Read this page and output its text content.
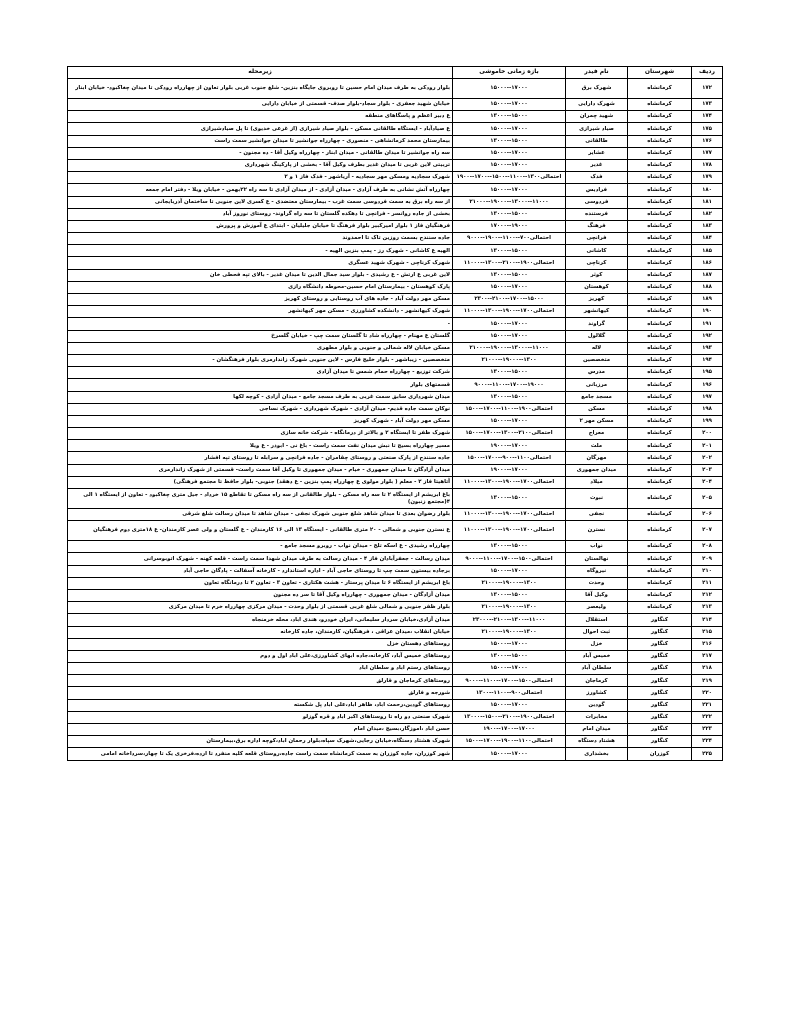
ردیف	شهرستان	نام فیدر	بازه زمانی خاموشی	زیرمحله
۱۷۲	کرمانشاه	شهرک برق	۱۵۰۰۰--۱۷۰۰۰	بلوار رودکی به طرف میدان امام حسین تا روبروی جایگاه بنزین- شلغ جنوب غربی بلوار تعاون از چهارراه رودکی تا میدان چغاکبود- خیابان ابنار
۱۷۳	کرمانشاه	شهرک دارایی	۱۵۰۰۰--۱۷۰۰۰	خیابان شهید جعفری - بلوار سجاد-بلوار صدف- قسمتی از خیابان دارایی
۱۷۴	کرمانشاه	شهید چمران	۱۳۰۰۰--۱۵۰۰۰	ع دبیر اعظم و پاسگاهای منطقه
۱۷۵	کرمانشاه	صیاد شیرازی	۱۵۰۰۰--۱۷۰۰۰	ع صیادآباد - ایستگاه طالقانی مسکن - بلوار صیاد شیرازی (از غرعی خدیوی) تا پل صیادشیرازی
۱۷۶	کرمانشاه	طالقانی	۱۳۰۰۰--۱۵۰۰۰	بیمارستان محمد کرمانشاهی - منصوری - چهارراه جوانشیر تا میدان جوانشیر سمت راست
۱۷۷	کرمانشاه	عشایر	۱۵۰۰۰--۱۷۰۰۰	سه راه جوانشیر تا میدان طالقانی - میدان ابنار - چهارراه وکیل آقا - ده مجنون -
۱۷۸	کرمانشاه	غدیر	۱۵۰۰۰--۱۷۰۰۰	تربیتی لاین غربی تا میدان غدیر بطرف وکیل آقا - بخشی از پارکینگ شهرداری
۱۷۹	کرمانشاه	فدک	احتمالی۱۳۰۰--۱۱۰۰--۱۵۰۰--۱۷۰۰--۱۹۰۰	شهرک سجادیه ومسکن مهر سجادیه - آریاشهر - فدک فاز ۱ و ۲
۱۸۰	کرمانشاه	فرادیس	۱۵۰۰۰--۱۷۰۰۰	چهارراه آتش نشانی به طرف آزادی - میدان آزادی - از میدان آزادی تا سه راه ۲۲بهمن - خیابان ویلا - دفتر امام جمعه
۱۸۱	کرمانشاه	فردوسی	۲۱۰۰۰--۱۹۰۰۰--۱۳۰۰۰--۱۱۰۰۰	از سه راه برق به سمت فردوسی سمت غرب - بیمارستان معتضدی - ع کسری لاین جنوبی تا ساختمان آذربایجانی
۱۸۲	کرمانشاه	فرستنده	۱۳۰۰۰--۱۵۰۰۰	بخشی از جاده روانسر - فرانچی تا دهکده گلستان تا سه راه گراوند- روستای نوروز آباد
۱۸۳	کرمانشاه	فرهنگ	۱۷۰۰۰--۱۹۰۰۰	فرهنگیان فاز ۱ بلوار امیرکبیر بلوار فرهنگ تا خیابان جلیلیان - ابتدای ع آموزش و پرورش
۱۸۴	کرمانشاه	فرانچی	احتمالی۷۰۰--۱۱۰۰--۱۹۰۰--۹۰۰۰	جاده سنندج بسمت روزین تاک تا احمدوند
۱۸۵	کرمانشاه	کاشانی	۱۳۰۰۰--۱۵۰۰۰	الهیه ع کاشانی - شهرک رز - پمپ بنزین الهیه -
۱۸۶	کرمانشاه	کرناچی	احتمالی۱۹۰۰--۲۱۰۰--۱۳۰۰--۱۱۰۰۰	شهرک کرناچی - شهرک شهید عسگری
۱۸۷	کرمانشاه	کوثر	۱۳۰۰۰--۱۵۰۰۰	لاین غربی ع ارتش - ع رشیدی - بلوار سید جمال الدین تا میدان غدیر - بالای تپه فحطی خان
۱۸۸	کرمانشاه	کوهستان	۱۵۰۰۰--۱۷۰۰۰	پارک کوهستان - بیمارستان امام حسین-محوطه دانشگاه رازی
۱۸۹	کرمانشاه	کهریز	۲۳۰۰--۲۱۰۰--۱۷۰۰--۱۵۰۰۰	مسکن مهر دولت آباد - جاده های آب روستایی و روستای کهریز
۱۹۰	کرمانشاه	کیهانشهر	احتمالی۱۷۰۰--۱۹۰۰--۱۳۰۰--۱۱۰۰۰	شهرک کیهانشهر - دانشکده کشاورزی - مسکن مهر کیهانشهر
۱۹۱	کرمانشاه	گراوند	۱۵۰۰۰--۱۷۰۰۰	-
۱۹۲	کرمانشاه	گلالول	۱۵۰۰۰--۱۷۰۰۰	گلستان ع مهنام - چهارراه شاد تا گلستان سمت چپ - خیابان گلسرخ
۱۹۳	کرمانشاه	لاله	۲۱۰۰۰--۱۹۰۰۰--۱۳۰۰۰--۱۱۰۰۰	مسکن خیابان لاله شمالی و جنوبی و بلوار مطهری
۱۹۴	کرمانشاه	متخصصین	۲۱۰۰۰--۱۹۰۰۰--۱۳۰۰	متخصصین - زیباشهر - بلوار خلیج فارس - لاین جنوبی شهرک زاندارمری بلوار فرهنگشان -
۱۹۵	کرمانشاه	مدرس	۱۳۰۰۰--۱۵۰۰۰	شرکت توزیع - چهارراه حمام شمس تا میدان آزادی
۱۹۶	کرمانشاه	مرزبانی	۹۰۰۰--۱۱۰۰--۱۷۰۰--۱۹۰۰۰	قسمتهای بلوار
۱۹۷	کرمانشاه	مسجد جامع	۱۳۰۰۰--۱۵۰۰۰	میدان شهرداری سابق سمت غربی به طرف مسجد جامع - میدان آزادی - کوچه لکها
۱۹۸	کرمانشاه	مسکن	احتمالی۱۹۰۰--۱۱۰۰--۱۷۰۰--۱۵۰۰	نوکان سمت جاده قدیم- میدان آزادی - شهرک شهرداری - شهرک نساجی
۱۹۹	کرمانشاه	مسکن مهر ۲	۱۵۰۰۰--۱۷۰۰۰	مسکن مهر دولت آباد - شهرک کهریز
۲۰۰	کرمانشاه	معراج	احتمالی۲۱۰۰--۱۳۰۰--۱۷۰۰--۱۵۰۰	شهرک ظفر تا ایستگاه ۲ و بالاتر از درمانگاه - شرکت خانه سازی
۲۰۱	کرمانشاه	ملت	۱۹۰۰۰--۱۷۰۰۰	مسیر چهارراه بسیج تا نبش میدان نفت سمت راست - باغ نی - ابوذر - ع ویلا
۲۰۲	کرمانشاه	مهرگان	احتمالی۱۱۰۰--۹۰۰--۱۷۰۰--۱۵۰۰	جاده سنندج از پارک صنعتی و روستای چقامران - جاده فرانچی و سرابله تا روستای تپه افشار
۲۰۳	کرمانشاه	میدان جمهوری	۱۹۰۰۰--۱۷۰۰۰	میدان آزادگان تا میدان جمهوری - خیام - میدان جمهوری تا وکیل آقا سمت راست- قسمتی از شهرک زاندارمری
۲۰۴	کرمانشاه	میلاد	احتمالی۱۷۰۰--۱۹۰۰--۱۳۰۰--۱۱۰۰۰	آتاهیتا فاز ۲ - معلم ( بلوار مولوی ع چهارراه پمپ بنزین - ع دهقد) جنوبی- بلوار حافظ تا مجتمع فرهنگی)
۲۰۵	کرمانشاه	نبوت	۱۳۰۰۰--۱۵۰۰۰	باغ ابریشم از ایستگاه ۲ تا سه راه مسکن - بلوار طالقانی از سه راه مسکن تا تقاطع ۱۵ خرداد - جیل متری چغاکبود - تعاون از ایستگاه ۱ الی ۴(مجتمع زنبون)
۲۰۶	کرمانشاه	نجفی	احتمالی۱۷۰۰--۱۹۰۰--۱۳۰۰--۱۱۰۰۰	بلوار رضوان بعدی تا میدان شاهد شلغ جنوبی شهرک نجفی - میدان شاهد تا میدان رسالت شلغ شرقی
۲۰۷	کرمانشاه	نسترن	احتمالی۱۷۰۰--۱۹۰۰--۱۳۰۰--۱۱۰۰۰	ع نسترن جنوبی و شمالی - ۲۰ متری طالقانی - ایستگاه ۱۳ الی ۱۶ کارمندان - ع گلستان و ولی عصر کارمندان- ع ۱۸متری دوم فرهنگیان
۲۰۸	کرمانشاه	نواب	۱۳۰۰۰--۱۵۰۰۰	چهارراه رشیدی - ع اسکه تلخ - میدان نواب - روبرو مسجد جامع -
۲۰۹	کرمانشاه	نهالستان	احتمالی۱۵۰۰--۱۷۰۰--۱۱۰۰--۹۰۰۰	میدان رسالت - جعفرآبادان فاز ۴ - میدان رسالت به طرف میدان شهدا سمت راست - قلعه کهنه - شهرک اتوبوسرانی
۲۱۰	کرمانشاه	نیروگاه	۱۵۰۰۰--۱۷۰۰۰	برجاده بیستون سمت چپ تا روستای حاجی آباد - اداره استاندارد - کارخانه آسفالت - پادگان حاجی آباد
۲۱۱	کرمانشاه	وحدت	۲۱۰۰۰--۱۹۰۰۰--۱۳۰۰	باغ ابریشم از ایستگاه ۶ تا میدان پرستار - هشت هکتاری - تعاون ۳ - تعاون ۲ تا درمانگاه تعاون
۲۱۲	کرمانشاه	وکیل آقا	۱۳۰۰۰--۱۵۰۰۰	میدان آزادگان - میدان جمهوری - چهارراه وکیل آقا تا سر ده مجنون
۲۱۳	کرمانشاه	ولیعصر	۲۱۰۰۰--۱۹۰۰۰--۱۳۰۰	بلوار ظفر جنوبی و شمالی شلغ غربی قسمتی از بلوار وحدت - میدان مرکزی چهارراه خرم تا میدان مرکزی
۲۱۴	کنگاور	استقلال	۲۳۰۰۰--۲۱۰۰--۱۳۰۰--۱۱۰۰۰	میدان آزادی،خیابان سردار سلیمانی، ایران خودرو، هندی اباد، محله خرمنجاه
۲۱۵	کنگاور	ثبت احوال	۲۱۰۰۰--۱۹۰۰۰--۱۳۰۰	خیابان انقلاب ،میدان عراقی ، فرهنگیان، کارمندان، جاده کارخانه
۲۱۶	کنگاور	خزل	۱۵۰۰۰--۱۷۰۰۰	روستاهای دهستان خزل
۲۱۷	کنگاور	خمیس آباد	۱۳۰۰۰--۱۵۰۰۰	روستاهای خمیس آباد، کارخانه،جاده ابهای کشاورزی،علی اباد اول و دوم
۲۱۸	کنگاور	سلطان آباد	۱۵۰۰۰--۱۷۰۰۰	روستاهای رستم اباد و سلطان اباد
۲۱۹	کنگاور	کرماجان	احتمالی۱۵۰۰--۱۷۰۰--۱۱۰۰--۹۰۰۰	روستاهای کرماجان و قارلق
۲۲۰	کنگاور	کشاورز	احتمالی۹۰۰--۱۱۰۰--۱۳۰۰	شورجه و فارلق
۲۲۱	کنگاور	گودین	۱۵۰۰۰--۱۷۰۰۰	روستاهای گودین،رحمت اباد، ظاهر اباد،علی اباد پل شکسته
۲۲۲	کنگاور	مخابرات	احتمالی۱۹۰۰--۲۱۰۰--۱۵۰۰--۱۳۰۰۰	شهرک صنعتی دو راه تا روستاهای اکبر اباد و قره گوزلو
۲۲۳	کنگاور	میدان امام	۱۹۰۰--۱۷۰۰--۱۷۰۰۰	حسن اباد ،اموزگار،بسیج ،میدان امام
۲۲۴	کنگاور	هشتاد دستگاه	احتمالی۱۱۰۰--۱۹۰۰--۱۷۰۰--۱۵۰۰	شهرک هشتاد دستگاه،خیابان رجایی،شهرک سپاه،بلوار رحمان اباد،کوچه اداره برق،بیمارستان
۲۲۵	کوزران	بخشداری	۱۵۰۰۰--۱۷۰۰۰	شهر کوزران، جاده کوزران به سمت کرمانشاه سمت راست جاده،روستای قلعه کلیه منفرد تا ارده،فرخری یک تا چهار،سرداخانه امامی
